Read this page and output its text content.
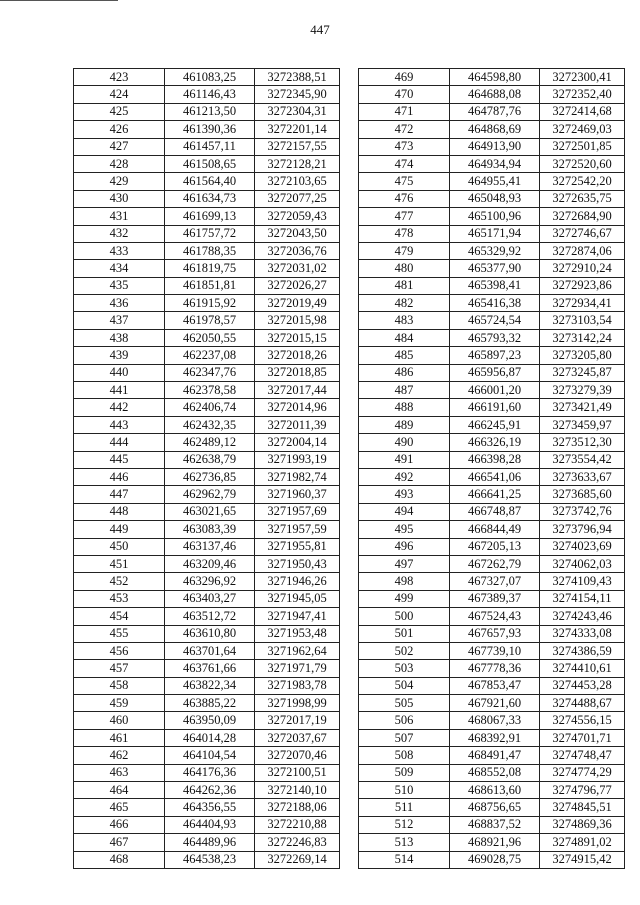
447
423	461083,25	3272388,51
424	461146,43	3272345,90
425	461213,50	3272304,31
426	461390,36	3272201,14
427	461457,11	3272157,55
428	461508,65	3272128,21
429	461564,40	3272103,65
430	461634,73	3272077,25
431	461699,13	3272059,43
432	461757,72	3272043,50
433	461788,35	3272036,76
434	461819,75	3272031,02
435	461851,81	3272026,27
436	461915,92	3272019,49
437	461978,57	3272015,98
438	462050,55	3272015,15
439	462237,08	3272018,26
440	462347,76	3272018,85
441	462378,58	3272017,44
442	462406,74	3272014,96
443	462432,35	3272011,39
444	462489,12	3272004,14
445	462638,79	3271993,19
446	462736,85	3271982,74
447	462962,79	3271960,37
448	463021,65	3271957,69
449	463083,39	3271957,59
450	463137,46	3271955,81
451	463209,46	3271950,43
452	463296,92	3271946,26
453	463403,27	3271945,05
454	463512,72	3271947,41
455	463610,80	3271953,48
456	463701,64	3271962,64
457	463761,66	3271971,79
458	463822,34	3271983,78
459	463885,22	3271998,99
460	463950,09	3272017,19
461	464014,28	3272037,67
462	464104,54	3272070,46
463	464176,36	3272100,51
464	464262,36	3272140,10
465	464356,55	3272188,06
466	464404,93	3272210,88
467	464489,96	3272246,83
468	464538,23	3272269,14
469	464598,80	3272300,41
470	464688,08	3272352,40
471	464787,76	3272414,68
472	464868,69	3272469,03
473	464913,90	3272501,85
474	464934,94	3272520,60
475	464955,41	3272542,20
476	465048,93	3272635,75
477	465100,96	3272684,90
478	465171,94	3272746,67
479	465329,92	3272874,06
480	465377,90	3272910,24
481	465398,41	3272923,86
482	465416,38	3272934,41
483	465724,54	3273103,54
484	465793,32	3273142,24
485	465897,23	3273205,80
486	465956,87	3273245,87
487	466001,20	3273279,39
488	466191,60	3273421,49
489	466245,91	3273459,97
490	466326,19	3273512,30
491	466398,28	3273554,42
492	466541,06	3273633,67
493	466641,25	3273685,60
494	466748,87	3273742,76
495	466844,49	3273796,94
496	467205,13	3274023,69
497	467262,79	3274062,03
498	467327,07	3274109,43
499	467389,37	3274154,11
500	467524,43	3274243,46
501	467657,93	3274333,08
502	467739,10	3274386,59
503	467778,36	3274410,61
504	467853,47	3274453,28
505	467921,60	3274488,67
506	468067,33	3274556,15
507	468392,91	3274701,71
508	468491,47	3274748,47
509	468552,08	3274774,29
510	468613,60	3274796,77
511	468756,65	3274845,51
512	468837,52	3274869,36
513	468921,96	3274891,02
514	469028,75	3274915,42
